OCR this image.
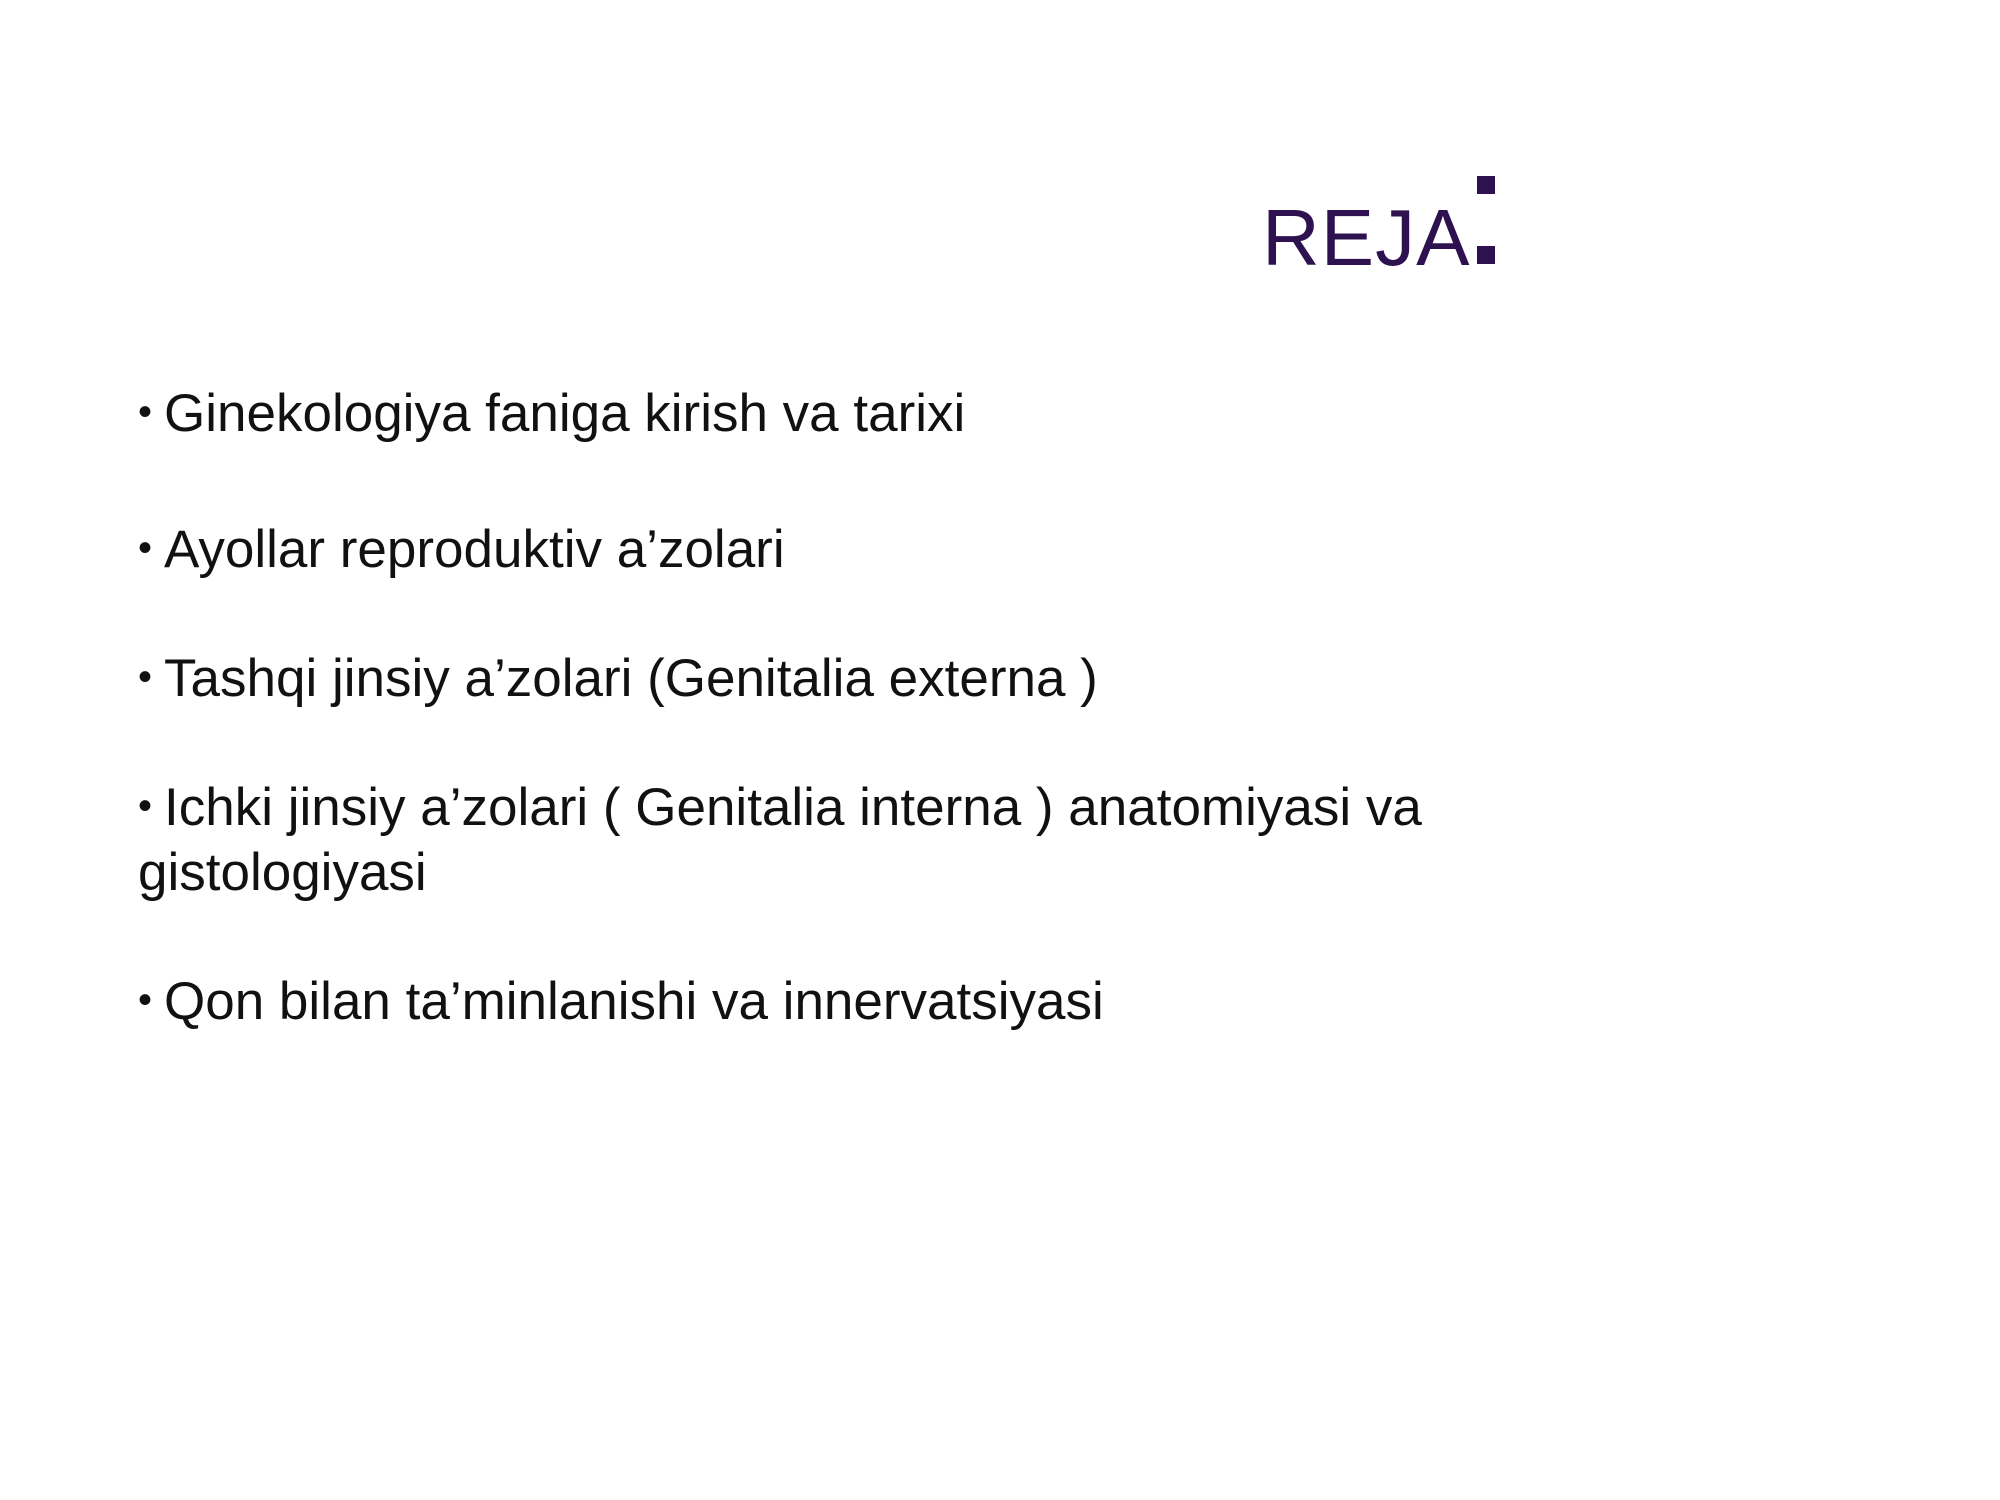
REJA
• Ginekologiya faniga kirish va tarixi
• Ayollar reproduktiv a’zolari
• Tashqi jinsiy a’zolari (Genitalia externa )
• Ichki jinsiy a’zolari ( Genitalia interna ) anatomiyasi va gistologiyasi
• Qon bilan ta’minlanishi va innervatsiyasi
